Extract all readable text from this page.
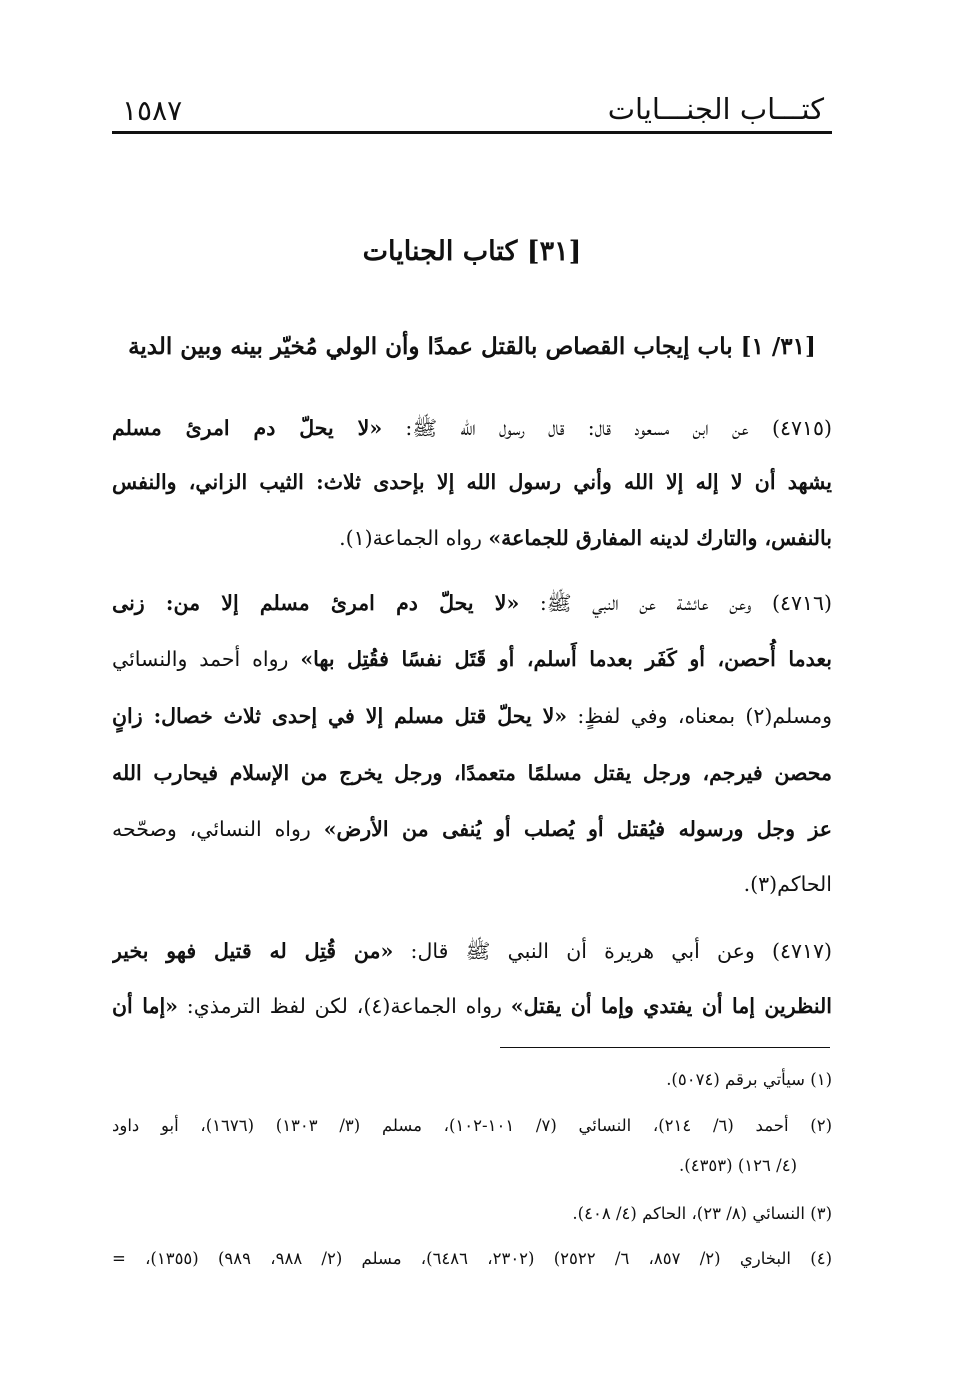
كتـــاب الجنـــايات
١٥٨٧
[٣١] كتاب الجنايات
[٣١/ ١] باب إيجاب القصاص بالقتل عمدًا وأن الولي مُخيّر بينه وبين الدية
(٤٧١٥) عن ابن مسعود قال: قال رسول الله ﷺ: «لا يحلّ دم امرئ مسلم
يشهد أن لا إله إلا الله وأني رسول الله إلا بإحدى ثلاث: الثيب الزاني، والنفس
بالنفس، والتارك لدينه المفارق للجماعة» رواه الجماعة(١).
(٤٧١٦) وعن عائشة عن النبي ﷺ: «لا يحلّ دم امرئ مسلم إلا من: زنى
بعدما أُحصن، أو كَفَر بعدما أَسلم، أو قَتَل نفسًا فقُتِل بها» رواه أحمد والنسائي
ومسلم(٢) بمعناه، وفي لفظٍ: «لا يحلّ قتل مسلم إلا في إحدى ثلاث خصال: زانٍ
محصن فيرجم، ورجل يقتل مسلمًا متعمدًا، ورجل يخرج من الإسلام فيحارب الله
عز وجل ورسوله فيُقتل أو يُصلب أو يُنفى من الأرض» رواه النسائي، وصحّحه
الحاكم(٣).
(٤٧١٧) وعن أبي هريرة أن النبي ﷺ قال: «من قُتِل له قتيل فهو بخير
النظرين إما أن يفتدي وإما أن يقتل» رواه الجماعة(٤)، لكن لفظ الترمذي: «إما أن
(١) سيأتي برقم (٥٠٧٤).
(٢) أحمد (٦/ ٢١٤)، النسائي (٧/ ١٠١-١٠٢)، مسلم (٣/ ١٣٠٣) (١٦٧٦)، أبو داود
(٤/ ١٢٦) (٤٣٥٣).
(٣) النسائي (٨/ ٢٣)، الحاكم (٤/ ٤٠٨).
(٤) البخاري (٢/ ٨٥٧، ٦/ ٢٥٢٢) (٢٣٠٢، ٦٤٨٦)، مسلم (٢/ ٩٨٨، ٩٨٩) (١٣٥٥)، =
